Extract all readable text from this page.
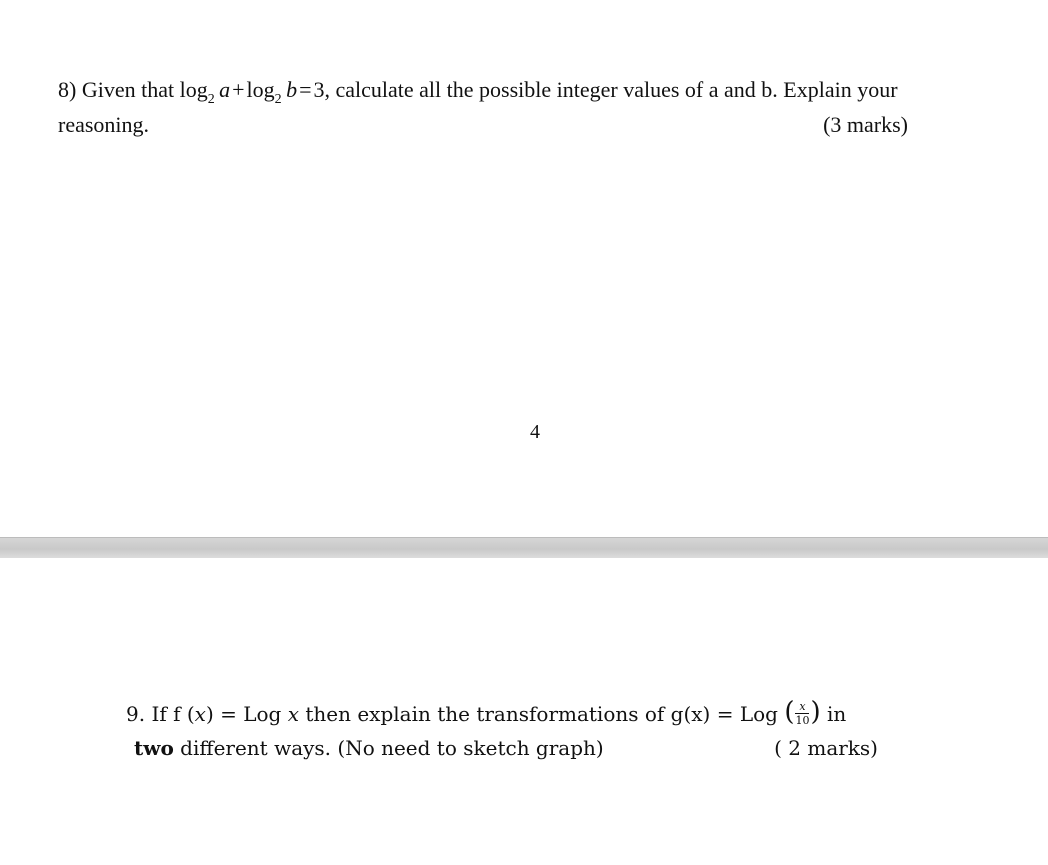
8) Given that $\log_2 a+\log_2$  b=3, calculate all the possible integer values of a and b. Explain your
reasoning.	(3 marks)
4
9. If f (x) = Log x then explain the transformations of g(x) = Log ( $\frac{x}{10}$ ) in
two different ways. (No need to sketch graph)	( 2 marks)
